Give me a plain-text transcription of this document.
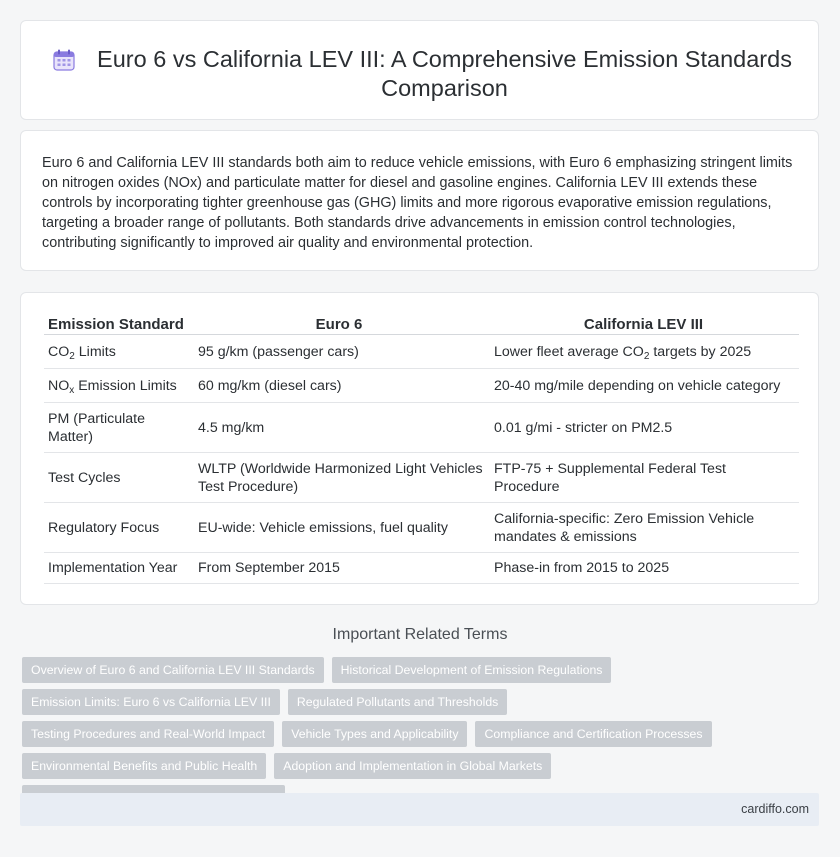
Euro 6 vs California LEV III: A Comprehensive Emission Standards Comparison

Euro 6 and California LEV III standards both aim to reduce vehicle emissions, with Euro 6 emphasizing stringent limits on nitrogen oxides (NOx) and particulate matter for diesel and gasoline engines. California LEV III extends these controls by incorporating tighter greenhouse gas (GHG) limits and more rigorous evaporative emission regulations, targeting a broader range of pollutants. Both standards drive advancements in emission control technologies, contributing significantly to improved air quality and environmental protection.

Emission Standard	Euro 6	California LEV III
$CO_2$ Limits	95 g/km (passenger cars)	Lower fleet average $CO_2$ targets by 2025
$NO_x$ Emission Limits	60 mg/km (diesel cars)	20-40 mg/mile depending on vehicle category
PM (Particulate Matter)	4.5 mg/km	0.01 g/mi - stricter on PM2.5
Test Cycles	WLTP (Worldwide Harmonized Light Vehicles Test Procedure)	FTP-75 + Supplemental Federal Test Procedure
Regulatory Focus	EU-wide: Vehicle emissions, fuel quality	California-specific: Zero Emission Vehicle mandates & emissions
Implementation Year	From September 2015	Phase-in from 2015 to 2025
Important Related Terms
Overview of Euro 6 and California LEV III Standards	Historical Development of Emission Regulations
Emission Limits: Euro 6 vs California LEV III	Regulated Pollutants and Thresholds
Testing Procedures and Real-World Impact	Vehicle Types and Applicability	Compliance and Certification Processes
Environmental Benefits and Public Health	Adoption and Implementation in Global Markets
cardiffo.com
